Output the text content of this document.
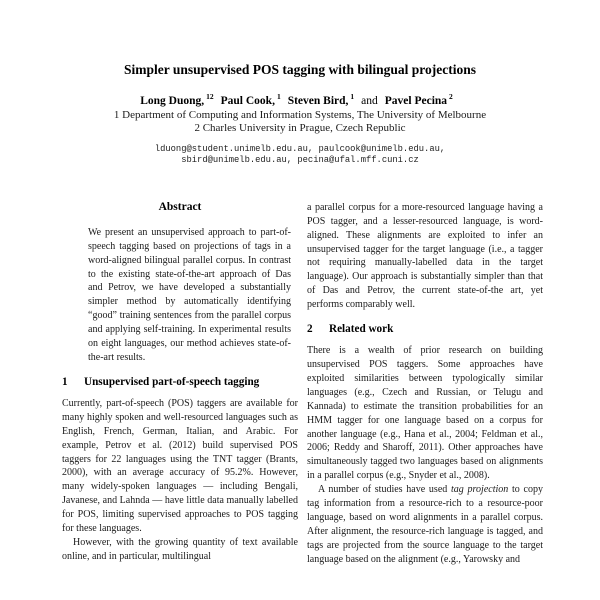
Simpler unsupervised POS tagging with bilingual projections
Long Duong, $^{12}$ Paul Cook, $^1$ Steven Bird, $^1$ and Pavel Pecina $^2$
1 Department of Computing and Information Systems, The University of Melbourne
2 Charles University in Prague, Czech Republic
lduong@student.unimelb.edu.au, paulcook@unimelb.edu.au,
sbird@unimelb.edu.au, pecina@ufal.mff.cuni.cz
Abstract

We present an unsupervised approach to part-of-speech tagging based on projections of tags in a word-aligned bilingual parallel corpus. In contrast to the existing state-of-the-art approach of Das and Petrov, we have developed a substantially simpler method by automatically identifying “good” training sentences from the parallel corpus and applying self-training. In experimental results on eight languages, our method achieves state-of-the-art results.

1 Unsupervised part-of-speech tagging

Currently, part-of-speech (POS) taggers are available for many highly spoken and well-resourced languages such as English, French, German, Italian, and Arabic. For example, Petrov et al. (2012) build supervised POS taggers for 22 languages using the TNT tagger (Brants, 2000), with an average accuracy of 95.2%. However, many widely-spoken languages — including Bengali, Javanese, and Lahnda — have little data manually labelled for POS, limiting supervised approaches to POS tagging for these languages.

However, with the growing quantity of text available online, and in particular, multilingual

a parallel corpus for a more-resourced language having a POS tagger, and a lesser-resourced language, is word-aligned. These alignments are exploited to infer an unsupervised tagger for the target language (i.e., a tagger not requiring manually-labelled data in the target language). Our approach is substantially simpler than that of Das and Petrov, the current state-of-the art, yet performs comparably well.

2 Related work

There is a wealth of prior research on building unsupervised POS taggers. Some approaches have exploited similarities between typologically similar languages (e.g., Czech and Russian, or Telugu and Kannada) to estimate the transition probabilities for an HMM tagger for one language based on a corpus for another language (e.g., Hana et al., 2004; Feldman et al., 2006; Reddy and Sharoff, 2011). Other approaches have simultaneously tagged two languages based on alignments in a parallel corpus (e.g., Snyder et al., 2008).

A number of studies have used tag projection to copy tag information from a resource-rich to a resource-poor language, based on word alignments in a parallel corpus. After alignment, the resource-rich language is tagged, and tags are projected from the source language to the target language based on the alignment (e.g., Yarowsky and
